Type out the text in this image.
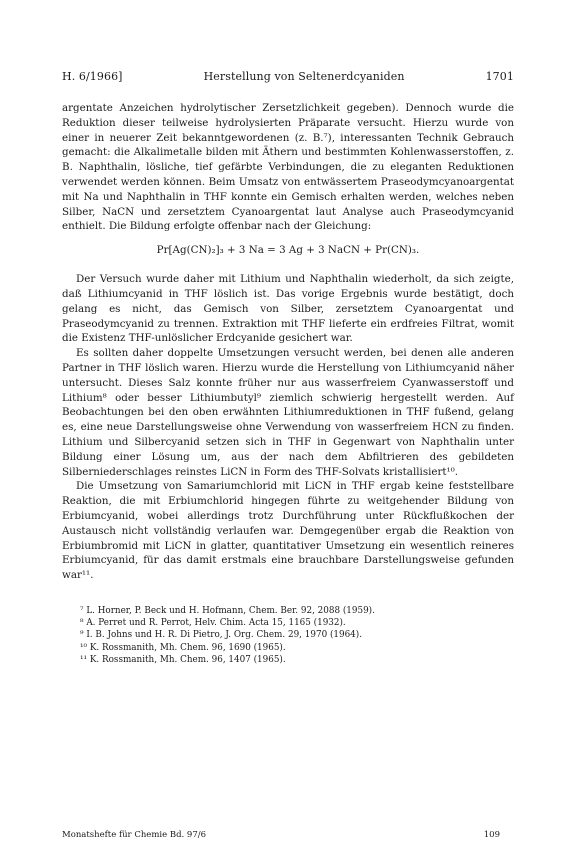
H. 6/1966]	Herstellung von Seltenerdcyaniden	1701

argentate Anzeichen hydrolytischer Zersetzlichkeit gegeben). Dennoch wurde die Reduktion dieser teilweise hydrolysierten Präparate versucht. Hierzu wurde von einer in neuerer Zeit bekanntgewordenen (z. B.⁷), interessanten Technik Gebrauch gemacht: die Alkalimetalle bilden mit Äthern und bestimmten Kohlenwasserstoffen, z. B. Naphthalin, lösliche, tief gefärbte Verbindungen, die zu eleganten Reduktionen verwendet werden können. Beim Umsatz von entwässertem Praseodymcyanoargentat mit Na und Naphthalin in THF konnte ein Gemisch erhalten werden, welches neben Silber, NaCN und zersetztem Cyanoargentat laut Analyse auch Praseodymcyanid enthielt. Die Bildung erfolgte offenbar nach der Gleichung:

Pr[Ag(CN)₂]₃ + 3 Na = 3 Ag + 3 NaCN + Pr(CN)₃.

Der Versuch wurde daher mit Lithium und Naphthalin wiederholt, da sich zeigte, daß Lithiumcyanid in THF löslich ist. Das vorige Ergebnis wurde bestätigt, doch gelang es nicht, das Gemisch von Silber, zersetztem Cyanoargentat und Praseodymcyanid zu trennen. Extraktion mit THF lieferte ein erdfreies Filtrat, womit die Existenz THF-unlöslicher Erdcyanide gesichert war.

Es sollten daher doppelte Umsetzungen versucht werden, bei denen alle anderen Partner in THF löslich waren. Hierzu wurde die Herstellung von Lithiumcyanid näher untersucht. Dieses Salz konnte früher nur aus wasserfreiem Cyanwasserstoff und Lithium⁸ oder besser Lithiumbutyl⁹ ziemlich schwierig hergestellt werden. Auf Beobachtungen bei den oben erwähnten Lithiumreduktionen in THF fußend, gelang es, eine neue Darstellungsweise ohne Verwendung von wasserfreiem HCN zu finden. Lithium und Silbercyanid setzen sich in THF in Gegenwart von Naphthalin unter Bildung einer Lösung um, aus der nach dem Abfiltrieren des gebildeten Silberniederschlages reinstes LiCN in Form des THF-Solvats kristallisiert¹⁰.

Die Umsetzung von Samariumchlorid mit LiCN in THF ergab keine feststellbare Reaktion, die mit Erbiumchlorid hingegen führte zu weitgehender Bildung von Erbiumcyanid, wobei allerdings trotz Durchführung unter Rückflußkochen der Austausch nicht vollständig verlaufen war. Demgegenüber ergab die Reaktion von Erbiumbromid mit LiCN in glatter, quantitativer Umsetzung ein wesentlich reineres Erbiumcyanid, für das damit erstmals eine brauchbare Darstellungsweise gefunden war¹¹.

⁷ L. Horner, P. Beck und H. Hofmann, Chem. Ber. 92, 2088 (1959).
⁸ A. Perret und R. Perrot, Helv. Chim. Acta 15, 1165 (1932).
⁹ I. B. Johns und H. R. Di Pietro, J. Org. Chem. 29, 1970 (1964).
¹⁰ K. Rossmanith, Mh. Chem. 96, 1690 (1965).
¹¹ K. Rossmanith, Mh. Chem. 96, 1407 (1965).
Monatshefte für Chemie Bd. 97/6	109
